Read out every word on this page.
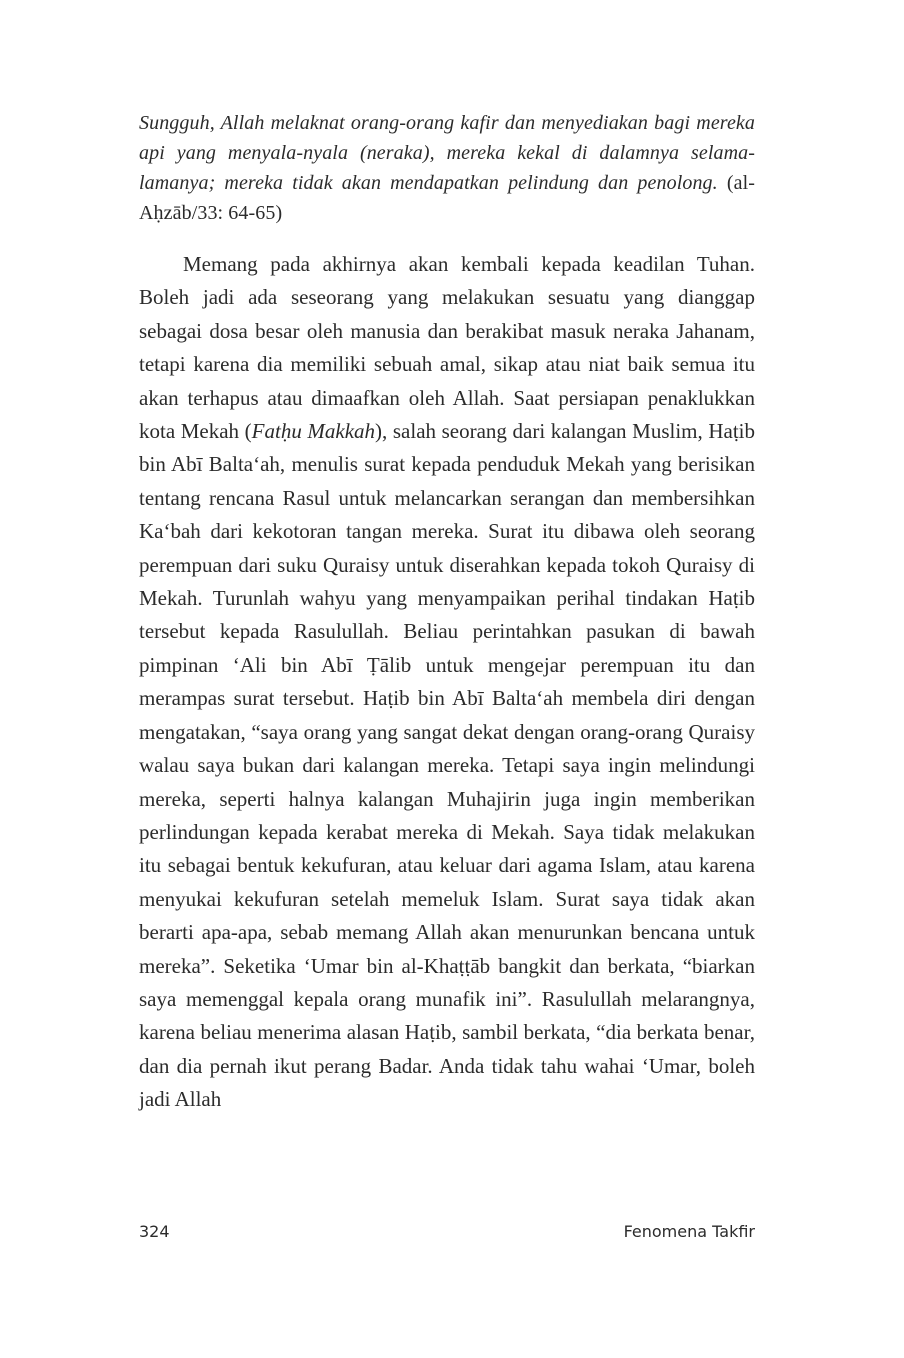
Sungguh, Allah melaknat orang-orang kafir dan menyediakan bagi mereka api yang menyala-nyala (neraka), mereka kekal di dalamnya selama-lamanya; mereka tidak akan mendapatkan pelindung dan penolong. (al-Aḥzāb/33: 64-65)

Memang pada akhirnya akan kembali kepada keadilan Tuhan. Boleh jadi ada seseorang yang melakukan sesuatu yang dianggap sebagai dosa besar oleh manusia dan berakibat masuk neraka Jahanam, tetapi karena dia memiliki sebuah amal, sikap atau niat baik semua itu akan terhapus atau dimaafkan oleh Allah. Saat persiapan penaklukkan kota Mekah (Fatḥu Makkah), salah seorang dari kalangan Muslim, Haṭib bin Abī Balta‘ah, menulis surat kepada penduduk Mekah yang berisikan tentang rencana Rasul untuk melancarkan serangan dan membersihkan Ka‘bah dari kekotoran tangan mereka. Surat itu dibawa oleh seorang perempuan dari suku Quraisy untuk diserahkan kepada tokoh Quraisy di Mekah. Turunlah wahyu yang menyampaikan perihal tindakan Haṭib tersebut kepada Rasulullah. Beliau perintahkan pasukan di bawah pimpinan ‘Ali bin Abī Ṭālib untuk mengejar perempuan itu dan merampas surat tersebut. Haṭib bin Abī Balta‘ah membela diri dengan mengatakan, “saya orang yang sangat dekat dengan orang-orang Quraisy walau saya bukan dari kalangan mereka. Tetapi saya ingin melindungi mereka, seperti halnya kalangan Muhajirin juga ingin memberikan perlindungan kepada kerabat mereka di Mekah. Saya tidak melakukan itu sebagai bentuk kekufuran, atau keluar dari agama Islam, atau karena menyukai kekufuran setelah memeluk Islam. Surat saya tidak akan berarti apa-apa, sebab memang Allah akan menurunkan bencana untuk mereka”. Seketika ‘Umar bin al-Khaṭṭāb bangkit dan berkata, “biarkan saya memenggal kepala orang munafik ini”. Rasulullah melarangnya, karena beliau menerima alasan Haṭib, sambil berkata, “dia berkata benar, dan dia pernah ikut perang Badar. Anda tidak tahu wahai ‘Umar, boleh jadi Allah

324	Fenomena Takfir
